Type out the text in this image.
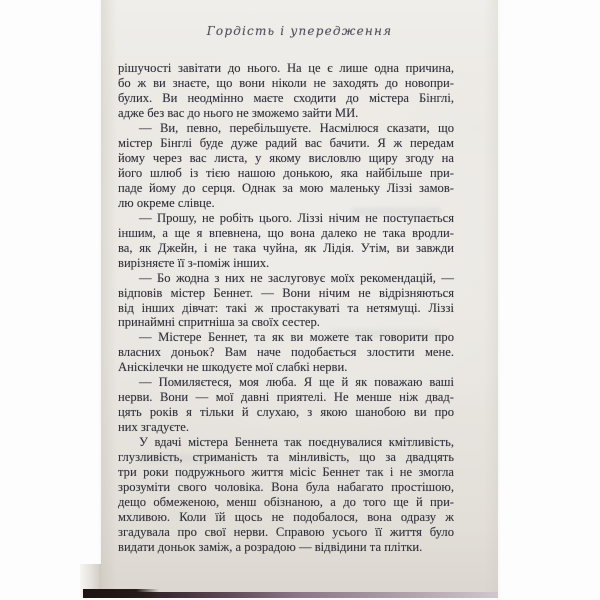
Гордість і упередження
рішучості завітати до нього. На це є лише одна причина,
бо ж ви знаєте, що вони ніколи не заходять до новопри-
булих. Ви неодмінно маєте сходити до містера Бінглі,
адже без вас до нього не зможемо зайти МИ.
— Ви, певно, перебільшуєте. Насмілюся сказати, що
містер Бінглі буде дуже радий вас бачити. Я ж передам
йому через вас листа, у якому висловлю щиру згоду на
його шлюб із тією нашою донькою, яка найбільше при-
паде йому до серця. Однак за мою маленьку Ліззі замов-
лю окреме слівце.
— Прошу, не робіть цього. Ліззі нічим не поступається
іншим, а ще я впевнена, що вона далеко не така вродли-
ва, як Джейн, і не така чуйна, як Лідія. Утім, ви завжди
вирізняєте її з-поміж інших.
— Бо жодна з них не заслуговує моїх рекомендацій, —
відповів містер Беннет. — Вони нічим не відрізняються
від інших дівчат: такі ж простакуваті та нетямущі. Ліззі
принаймні спритніша за своїх сестер.
— Містере Беннет, та як ви можете так говорити про
власних доньок? Вам наче подобається злостити мене.
Аніскілечки не шкодуєте мої слабкі нерви.
— Помиляєтеся, моя люба. Я ще й як поважаю ваші
нерви. Вони — мої давні приятелі. Не менше ніж двад-
цять років я тільки й слухаю, з якою шанобою ви про
них згадуєте.
У вдачі містера Беннета так поєднувалися кмітливість,
глузливість, стриманість та мінливість, що за двадцять
три роки подружнього життя місіс Беннет так і не змогла
зрозуміти свого чоловіка. Вона була набагато простішою,
дещо обмеженою, менш обізнаною, а до того ще й при-
мхливою. Коли їй щось не подобалося, вона одразу ж
згадувала про свої нерви. Справою усього її життя було
видати доньок заміж, а розрадою — відвідини та плітки.
